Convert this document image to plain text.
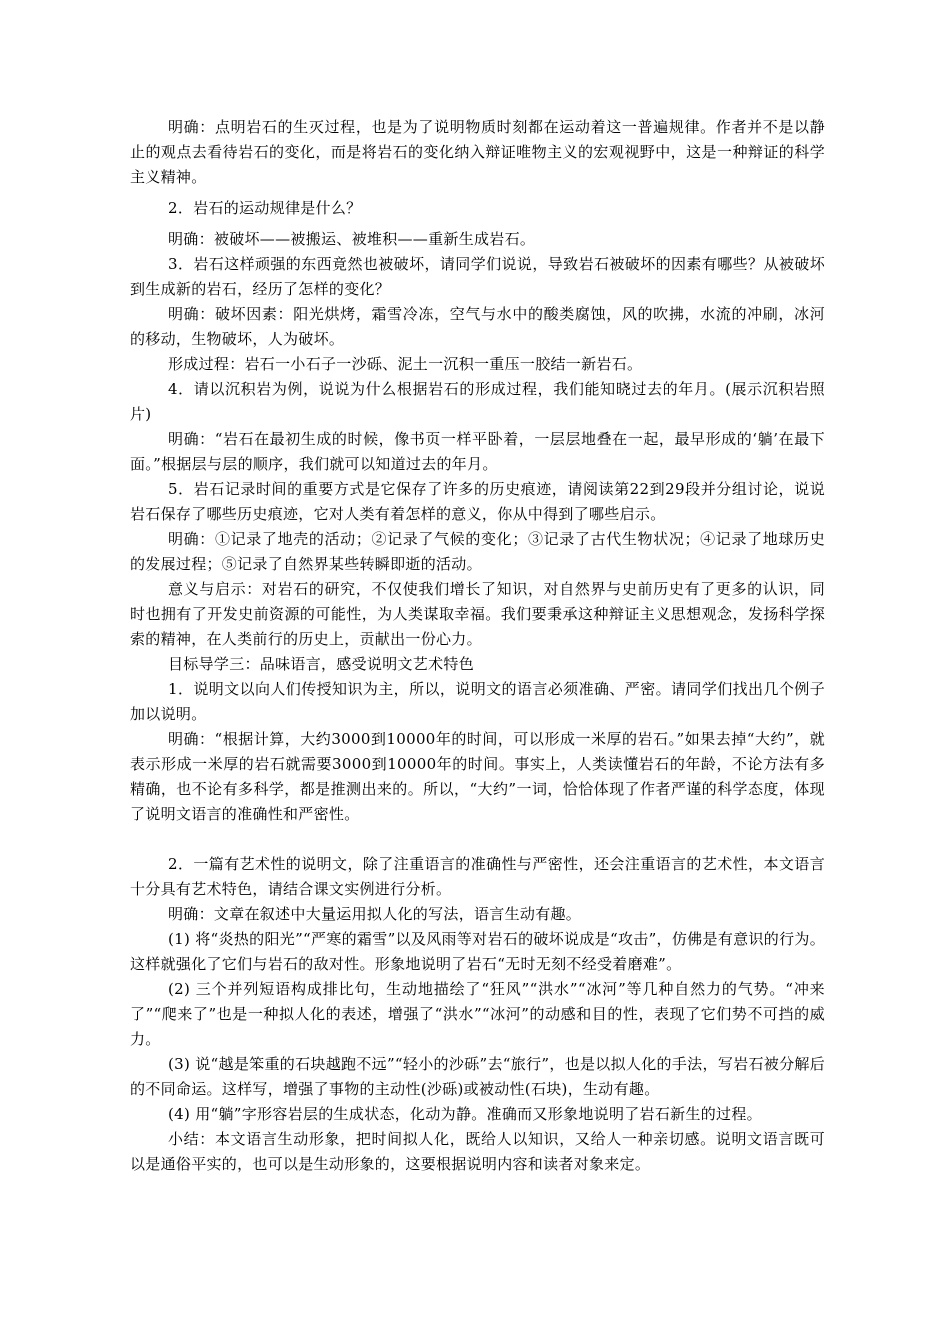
明确：点明岩石的生灭过程，也是为了说明物质时刻都在运动着这一普遍规律。作者并不是以静止的观点去看待岩石的变化，而是将岩石的变化纳入辩证唯物主义的宏观视野中，这是一种辩证的科学主义精神。

2．岩石的运动规律是什么？

明确：被破坏——被搬运、被堆积——重新生成岩石。

3．岩石这样顽强的东西竟然也被破坏，请同学们说说，导致岩石被破坏的因素有哪些？从被破坏到生成新的岩石，经历了怎样的变化？

明确：破坏因素：阳光烘烤，霜雪冷冻，空气与水中的酸类腐蚀，风的吹拂，水流的冲刷，冰河的移动，生物破坏，人为破坏。

形成过程：岩石一小石子一沙砾、泥土一沉积一重压一胶结一新岩石。

4．请以沉积岩为例，说说为什么根据岩石的形成过程，我们能知晓过去的年月。(展示沉积岩照片)

明确：“岩石在最初生成的时候，像书页一样平卧着，一层层地叠在一起，最早形成的‘躺’在最下面。”根据层与层的顺序，我们就可以知道过去的年月。

5．岩石记录时间的重要方式是它保存了许多的历史痕迹，请阅读第22到29段并分组讨论，说说岩石保存了哪些历史痕迹，它对人类有着怎样的意义，你从中得到了哪些启示。

明确：①记录了地壳的活动；②记录了气候的变化；③记录了古代生物状况；④记录了地球历史的发展过程；⑤记录了自然界某些转瞬即逝的活动。

意义与启示：对岩石的研究，不仅使我们增长了知识，对自然界与史前历史有了更多的认识，同时也拥有了开发史前资源的可能性，为人类谋取幸福。我们要秉承这种辩证主义思想观念，发扬科学探索的精神，在人类前行的历史上，贡献出一份心力。

目标导学三：品味语言，感受说明文艺术特色

1．说明文以向人们传授知识为主，所以，说明文的语言必须准确、严密。请同学们找出几个例子加以说明。

明确：“根据计算，大约3000到10000年的时间，可以形成一米厚的岩石。”如果去掉“大约”，就表示形成一米厚的岩石就需要3000到10000年的时间。事实上，人类读懂岩石的年龄，不论方法有多精确，也不论有多科学，都是推测出来的。所以，“大约”一词，恰恰体现了作者严谨的科学态度，体现了说明文语言的准确性和严密性。

2．一篇有艺术性的说明文，除了注重语言的准确性与严密性，还会注重语言的艺术性，本文语言十分具有艺术特色，请结合课文实例进行分析。

明确：文章在叙述中大量运用拟人化的写法，语言生动有趣。

(1) 将“炎热的阳光”“严寒的霜雪”以及风雨等对岩石的破坏说成是“攻击”，仿佛是有意识的行为。这样就强化了它们与岩石的敌对性。形象地说明了岩石“无时无刻不经受着磨难”。

(2) 三个并列短语构成排比句，生动地描绘了“狂风”“洪水”“冰河”等几种自然力的气势。“冲来了”“爬来了”也是一种拟人化的表述，增强了“洪水”“冰河”的动感和目的性，表现了它们势不可挡的威力。

(3) 说“越是笨重的石块越跑不远”“轻小的沙砾”去“旅行”，也是以拟人化的手法，写岩石被分解后的不同命运。这样写，增强了事物的主动性(沙砾)或被动性(石块)，生动有趣。

(4) 用“躺”字形容岩层的生成状态，化动为静。准确而又形象地说明了岩石新生的过程。

小结：本文语言生动形象，把时间拟人化，既给人以知识，又给人一种亲切感。说明文语言既可以是通俗平实的，也可以是生动形象的，这要根据说明内容和读者对象来定。
